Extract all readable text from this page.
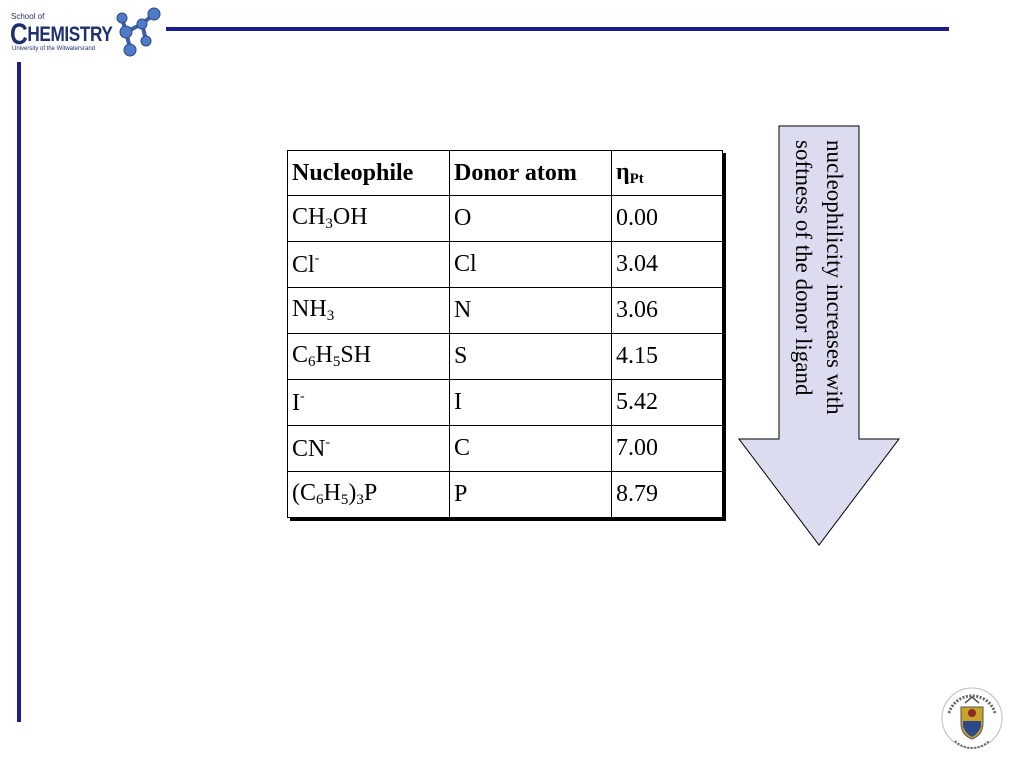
School of
CHEMISTRY
University of the Witwatersrand
Nucleophile	Donor atom	$\eta_{Pt}$
$CH_3OH$	O	0.00
Cl-	Cl	3.04
$NH_3$	N	3.06
$C_6H_5SH$	S	4.15
I-	I	5.42
CN-	C	7.00
$(C_6H_5)_3P$	P	8.79
nucleophilicity increases with
softness of the donor ligand
